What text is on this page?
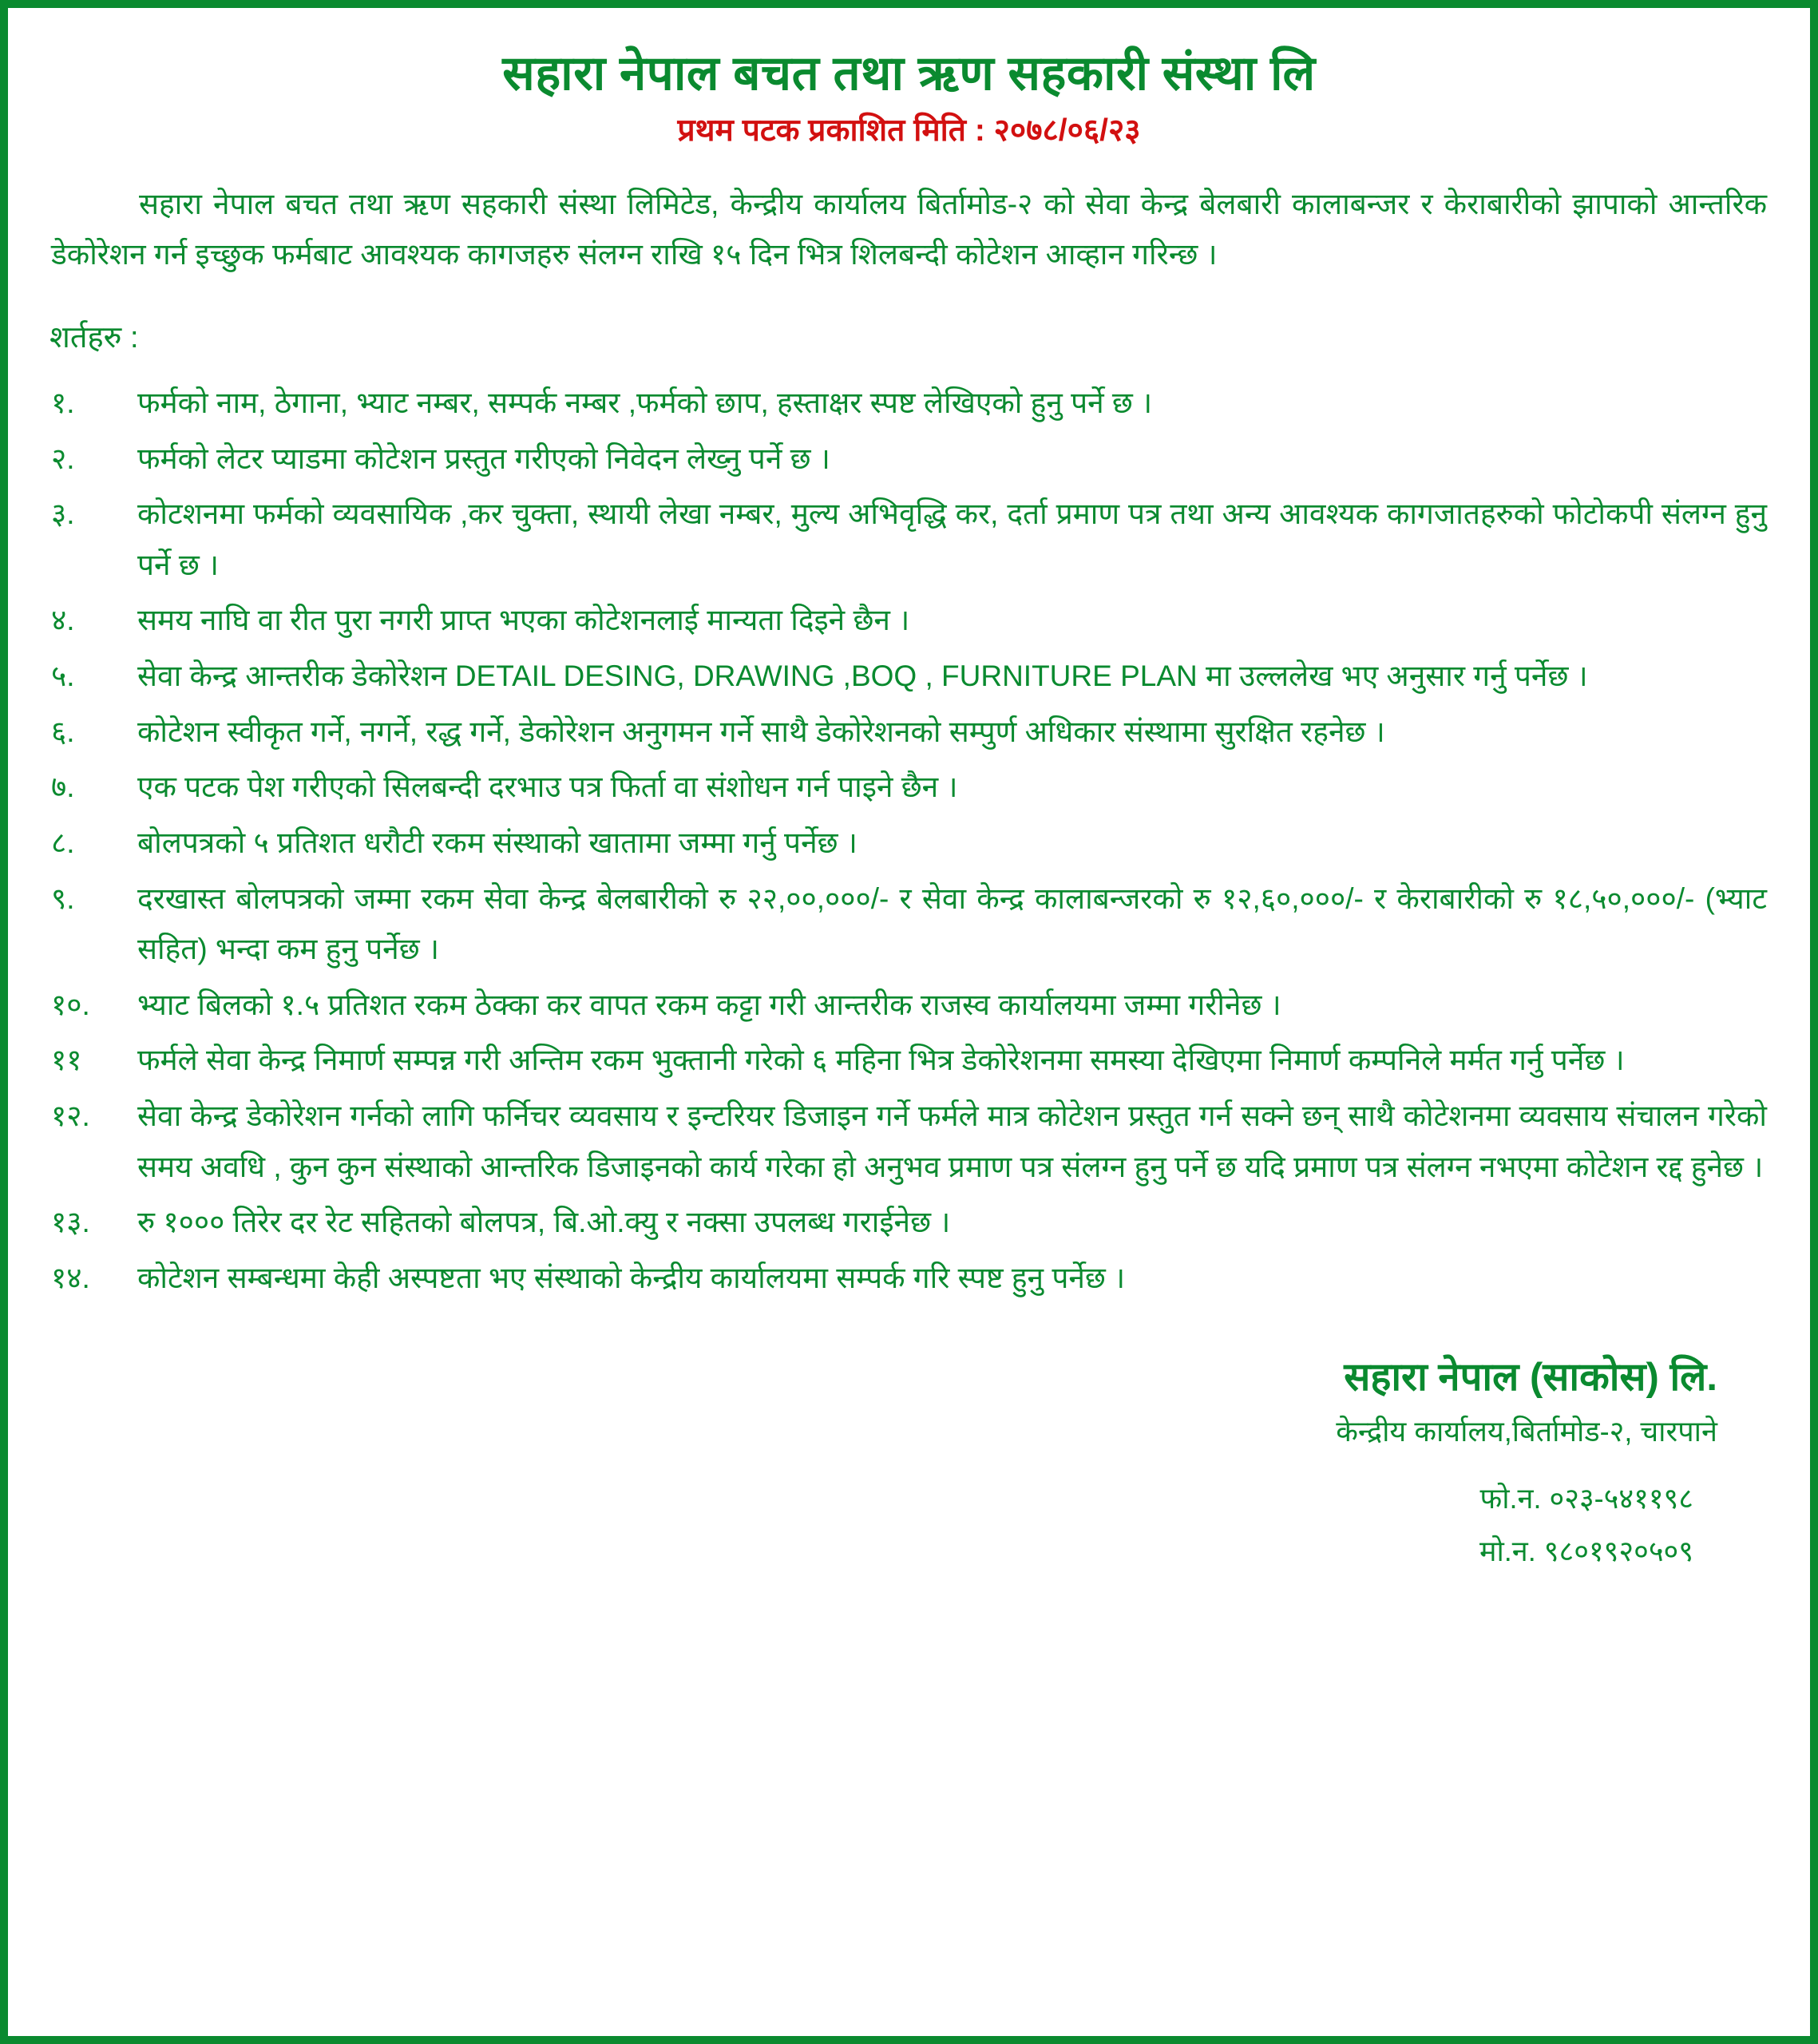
सहारा नेपाल बचत तथा ऋण सहकारी संस्था लि
प्रथम पटक प्रकाशित मिति : २०७८/०६/२३
सहारा नेपाल बचत तथा ऋण सहकारी संस्था लिमिटेड, केन्द्रीय कार्यालय बिर्तामोड-२ को सेवा केन्द्र बेलबारी कालाबन्जर र केराबारीको झापाको आन्तरिक डेकोरेशन गर्न इच्छुक फर्मबाट आवश्यक कागजहरु संलग्न राखि १५ दिन भित्र शिलबन्दी कोटेशन आव्हान गरिन्छ ।
शर्तहरु :
१.	फर्मको नाम, ठेगाना, भ्याट नम्बर, सम्पर्क नम्बर ,फर्मको छाप, हस्ताक्षर स्पष्ट लेखिएको हुनु पर्ने छ ।
२.	फर्मको लेटर प्याडमा कोटेशन प्रस्तुत गरीएको निवेदन लेख्नु पर्ने छ ।
३.	कोटशनमा फर्मको व्यवसायिक ,कर चुक्ता, स्थायी लेखा नम्बर, मुल्य अभिवृद्धि कर, दर्ता प्रमाण पत्र तथा अन्य आवश्यक कागजातहरुको फोटोकपी संलग्न हुनु पर्ने छ ।
४.	समय नाघि वा रीत पुरा नगरी प्राप्त भएका कोटेशनलाई मान्यता दिइने छैन ।
५.	सेवा केन्द्र आन्तरीक डेकोरेशन DETAIL DESING, DRAWING ,BOQ , FURNITURE PLAN मा उल्ललेख भए अनुसार गर्नु पर्नेछ ।
६.	कोटेशन स्वीकृत गर्ने, नगर्ने, रद्ध गर्ने, डेकोरेशन अनुगमन गर्ने साथै डेकोरेशनको सम्पुर्ण अधिकार संस्थामा सुरक्षित रहनेछ ।
७.	एक पटक पेश गरीएको सिलबन्दी दरभाउ पत्र फिर्ता वा संशोधन गर्न पाइने छैन ।
८.	बोलपत्रको ५ प्रतिशत धरौटी रकम संस्थाको खातामा जम्मा गर्नु पर्नेछ ।
९.	दरखास्त बोलपत्रको जम्मा रकम सेवा केन्द्र बेलबारीको रु २२,००,०००/- र सेवा केन्द्र कालाबन्जरको रु १२,६०,०००/- र केराबारीको रु १८,५०,०००/- (भ्याट सहित) भन्दा कम हुनु पर्नेछ ।
१०.	भ्याट बिलको १.५ प्रतिशत रकम ठेक्का कर वापत रकम कट्टा गरी आन्तरीक राजस्व कार्यालयमा जम्मा गरीनेछ ।
११	फर्मले सेवा केन्द्र निमार्ण सम्पन्न गरी अन्तिम रकम भुक्तानी गरेको ६ महिना भित्र डेकोरेशनमा समस्या देखिएमा निमार्ण कम्पनिले मर्मत गर्नु पर्नेछ ।
१२.	सेवा केन्द्र डेकोरेशन गर्नको लागि फर्निचर व्यवसाय र इन्टरियर डिजाइन गर्ने फर्मले मात्र कोटेशन प्रस्तुत गर्न सक्ने छन् साथै कोटेशनमा व्यवसाय संचालन गरेको समय अवधि , कुन कुन संस्थाको आन्तरिक डिजाइनको कार्य गरेका हो अनुभव प्रमाण पत्र संलग्न हुनु पर्ने छ यदि प्रमाण पत्र संलग्न नभएमा कोटेशन रद्द हुनेछ ।
१३.	रु १००० तिरेर दर रेट सहितको बोलपत्र, बि.ओ.क्यु र नक्सा उपलब्ध गराईनेछ ।
१४.	कोटेशन सम्बन्धमा केही अस्पष्टता भए संस्थाको केन्द्रीय कार्यालयमा सम्पर्क गरि स्पष्ट हुनु पर्नेछ ।
सहारा नेपाल (साकोस) लि.
केन्द्रीय कार्यालय,बिर्तामोड-२, चारपाने
फो.न. ०२३-५४११९८
मो.न. ९८०१९२०५०९
